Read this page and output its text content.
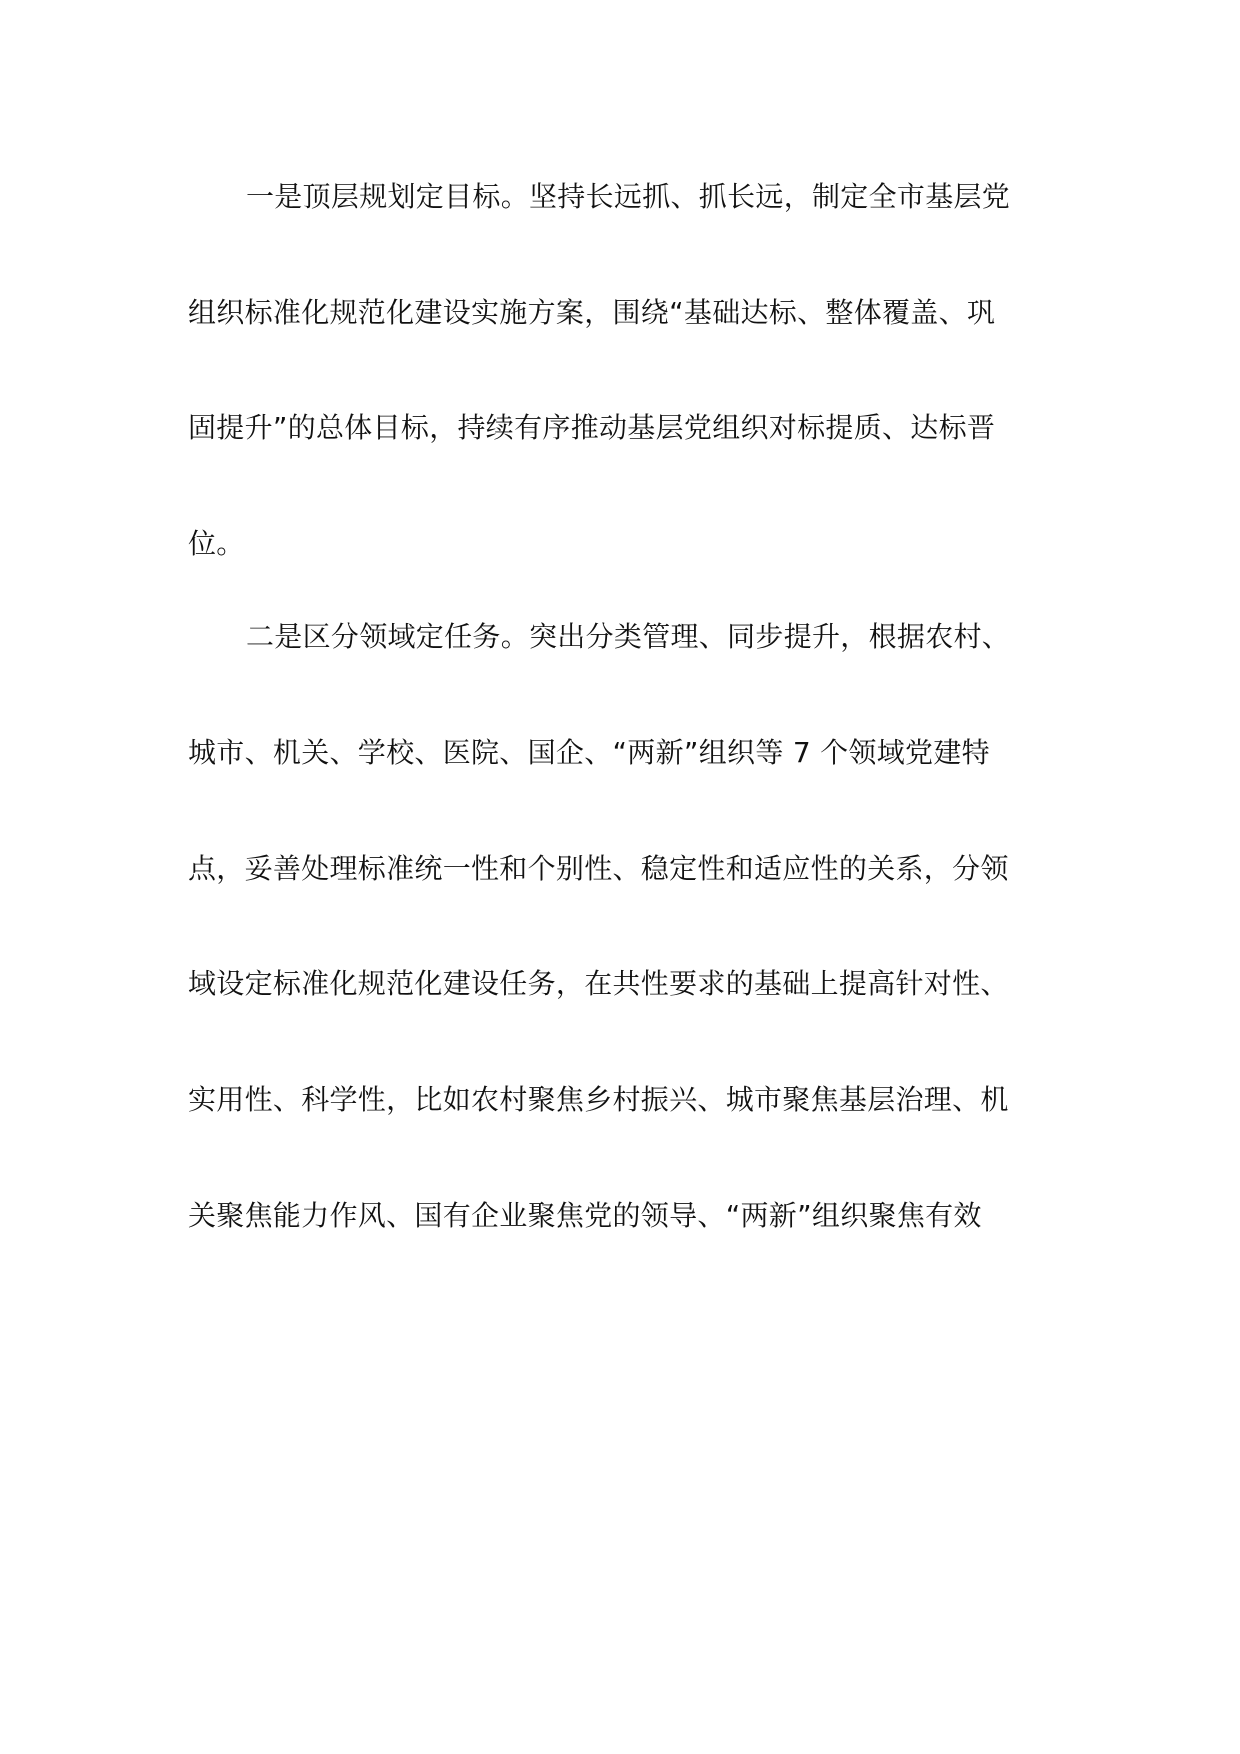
一是顶层规划定目标。坚持长远抓、抓长远，制定全市基层党
组织标准化规范化建设实施方案，围绕“基础达标、整体覆盖、巩
固提升”的总体目标，持续有序推动基层党组织对标提质、达标晋
位。
二是区分领域定任务。突出分类管理、同步提升，根据农村、
城市、机关、学校、医院、国企、“两新”组织等 7 个领域党建特
点，妥善处理标准统一性和个别性、稳定性和适应性的关系，分领
域设定标准化规范化建设任务，在共性要求的基础上提高针对性、
实用性、科学性，比如农村聚焦乡村振兴、城市聚焦基层治理、机
关聚焦能力作风、国有企业聚焦党的领导、“两新”组织聚焦有效
